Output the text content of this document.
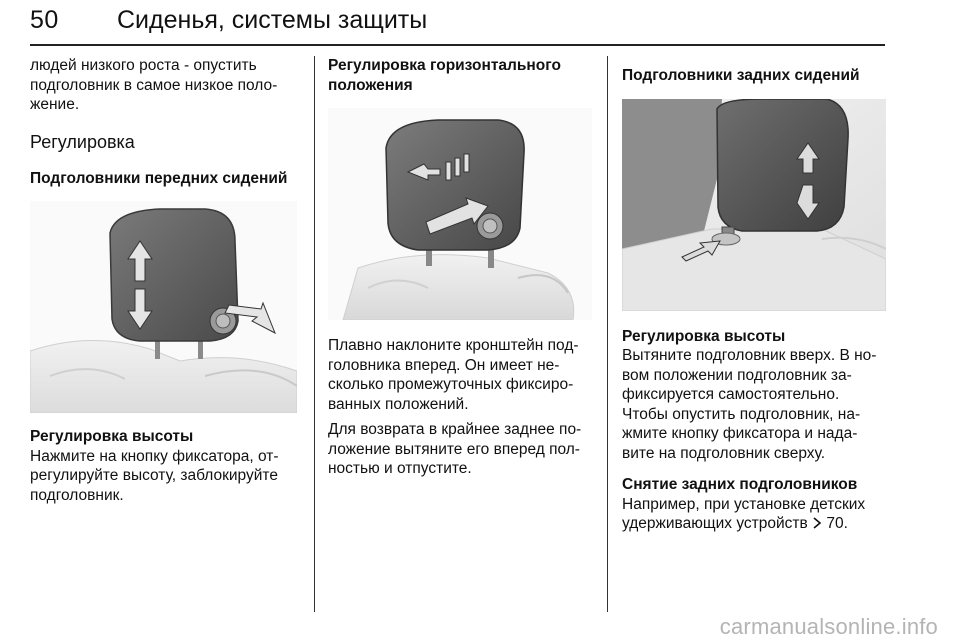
50 Сиденья, системы защиты

людей низкого роста - опустить
подголовник в самое низкое поло-
жение.

Регулировка
Подголовники передних сидений
Регулировка высоты

Нажмите на кнопку фиксатора, от-
регулируйте высоту, заблокируйте
подголовник.

Регулировка горизонтального
положения

Плавно наклоните кронштейн под-
головника вперед. Он имеет не-
сколько промежуточных фиксиро-
ванных положений.

Для возврата в крайнее заднее по-
ложение вытяните его вперед пол-
ностью и отпустите.

Подголовники задних сидений
Регулировка высоты

Вытяните подголовник вверх. В но-
вом положении подголовник за-
фиксируется самостоятельно.
Чтобы опустить подголовник, на-
жмите кнопку фиксатора и нада-
вите на подголовник сверху.

Снятие задних подголовников

Например, при установке детских
удерживающих устройств 70.

carmanualsonline.info
